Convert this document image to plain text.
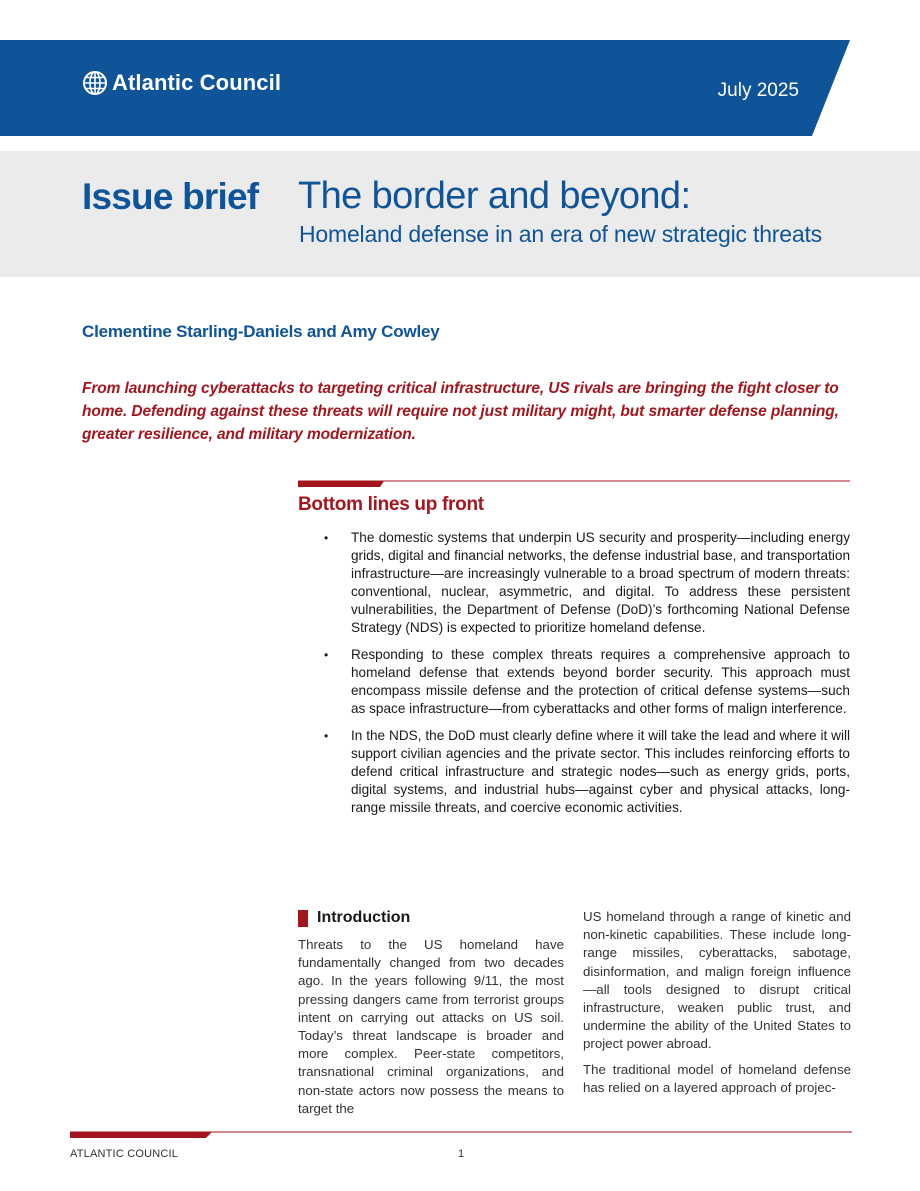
Atlantic Council	July 2025
Issue brief The border and beyond:
Homeland defense in an era of new strategic threats
Clementine Starling-Daniels and Amy Cowley

From launching cyberattacks to targeting critical infrastructure, US rivals are bringing the fight closer to home. Defending against these threats will require not just military might, but smarter defense planning, greater resilience, and military modernization.

Bottom lines up front
• The domestic systems that underpin US security and prosperity—including energy grids, digital and financial networks, the defense industrial base, and transportation infrastructure—are increasingly vulnerable to a broad spectrum of modern threats: conventional, nuclear, asymmetric, and digital. To address these persistent vulnerabilities, the Department of Defense (DoD)’s forthcoming National Defense Strategy (NDS) is expected to prioritize homeland defense.
• Responding to these complex threats requires a comprehensive approach to homeland defense that extends beyond border security. This approach must encompass missile defense and the protection of critical defense systems—such as space infrastructure—from cyberattacks and other forms of malign interference.
• In the NDS, the DoD must clearly define where it will take the lead and where it will support civilian agencies and the private sector. This includes reinforcing efforts to defend critical infrastructure and strategic nodes—such as energy grids, ports, digital systems, and industrial hubs—against cyber and physical attacks, long-range missile threats, and coercive economic activities.
Introduction

Threats to the US homeland have fundamentally changed from two decades ago. In the years following 9/11, the most pressing dangers came from terrorist groups intent on carrying out attacks on US soil. Today’s threat landscape is broader and more complex. Peer-state competitors, transnational criminal organizations, and non-state actors now possess the means to target the

US homeland through a range of kinetic and non-kinetic capabilities. These include long-range missiles, cyberattacks, sabotage, disinformation, and malign foreign influence—all tools designed to disrupt critical infrastructure, weaken public trust, and undermine the ability of the United States to project power abroad.

The traditional model of homeland defense has relied on a layered approach of projec-

ATLANTIC COUNCIL	1
